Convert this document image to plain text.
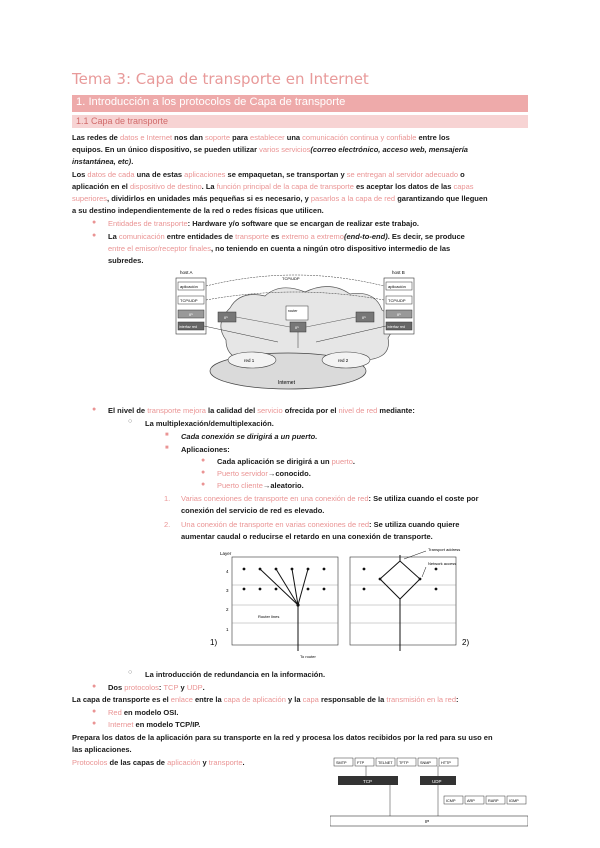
Tema 3: Capa de transporte en Internet
1. Introducción a los protocolos de Capa de transporte
1.1 Capa de transporte
Las redes de datos e Internet nos dan soporte para establecer una comunicación continua y confiable entre los
equipos. En un único dispositivo, se pueden utilizar varios servicios(correo electrónico, acceso web, mensajería
instantánea, etc).
Los datos de cada una de estas aplicaciones se empaquetan, se transportan y se entregan al servidor adecuado o
aplicación en el dispositivo de destino. La función principal de la capa de transporte es aceptar los datos de las capas
superiores, dividirlos en unidades más pequeñas si es necesario, y pasarlos a la capa de red garantizando que lleguen
a su destino independientemente de la red o redes físicas que utilicen.
● Entidades de transporte: Hardware y/o software que se encargan de realizar este trabajo.
● La comunicación entre entidades de transporte es extremo a extremo(end-to-end). Es decir, se produce
entre el emisor/receptor finales, no teniendo en cuenta a ningún otro dispositivo intermedio de las
subredes.
Internet
red 1	red 2
host A
aplicación
TCP/UDP
IP
interfaz red
host B
aplicación
TCP/UDP
IP
interfaz red
TCP/UDP
IP
router
IP
IP
● El nivel de transporte mejora la calidad del servicio ofrecida por el nivel de red mediante:
○ La multiplexación/demultiplexación.
■ Cada conexión se dirigirá a un puerto.
■ Aplicaciones:
● Cada aplicación se dirigirá a un puerto.
● Puerto servidor→conocido.
● Puerto cliente→aleatorio.
1. Varias conexiones de transporte en una conexión de red: Se utiliza cuando el coste por
conexión del servicio de red es elevado.
2. Una conexión de transporte en varias conexiones de red: Se utiliza cuando quiere
aumentar caudal o reducirse el retardo en una conexión de transporte.
Layer
4
3
2
1
Router lines
1)
To router
Transport address
Network access
2)
○ La introducción de redundancia en la información.
● Dos protocolos: TCP y UDP.
La capa de transporte es el enlace entre la capa de aplicación y la capa responsable de la transmisión en la red:
● Red en modelo OSI.
● Internet en modelo TCP/IP.
Prepara los datos de la aplicación para su transporte en la red y procesa los datos recibidos por la red para su uso en
las aplicaciones.
Protocolos de las capas de aplicación y transporte.	SMTP	FTP	TELNET TFTP	SNMP	HTTP
TCP	UDP
ICMP	ARP	RARP	IGMP
IP
